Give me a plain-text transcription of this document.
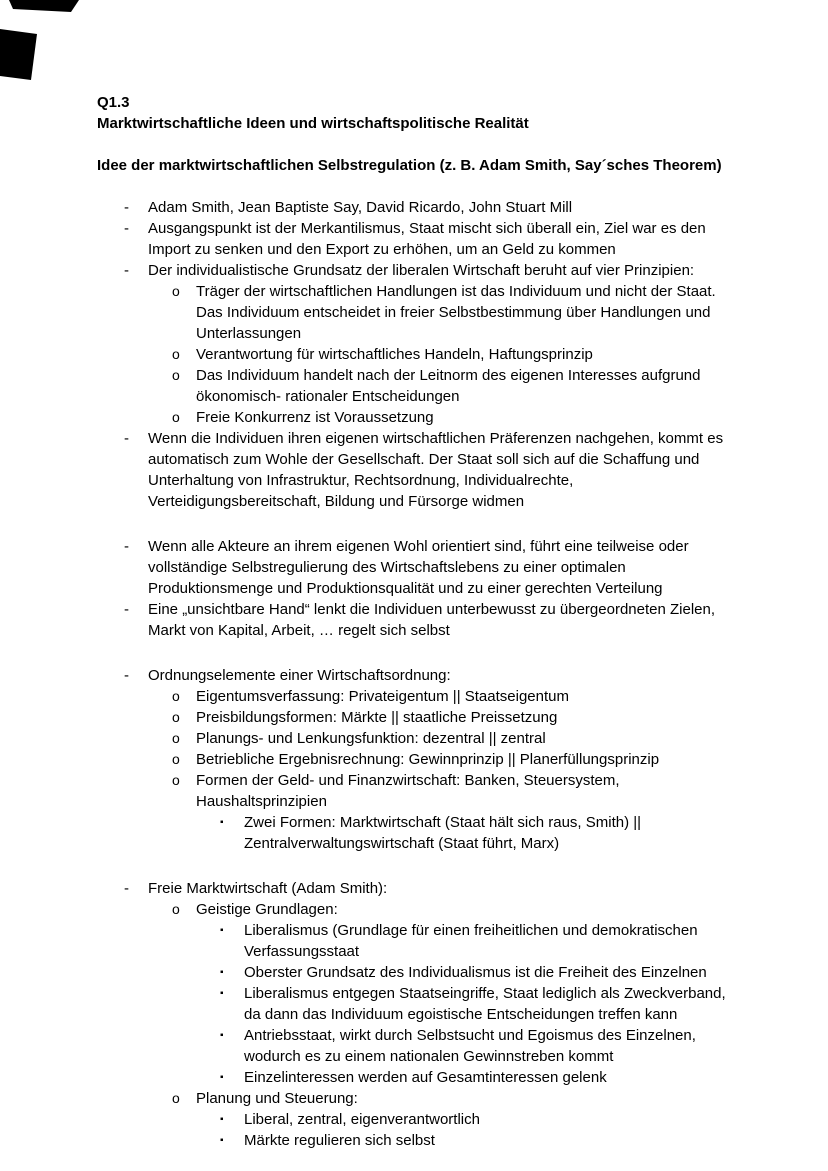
Q1.3

Marktwirtschaftliche Ideen und wirtschaftspolitische Realität

Idee der marktwirtschaftlichen Selbstregulation (z. B. Adam Smith, Say´sches Theorem)

-	Adam Smith, Jean Baptiste Say, David Ricardo, John Stuart Mill
-	Ausgangspunkt ist der Merkantilismus, Staat mischt sich überall ein, Ziel war es den Import zu senken und den Export zu erhöhen, um an Geld zu kommen
-	Der individualistische Grundsatz der liberalen Wirtschaft beruht auf vier Prinzipien:
o	Träger der wirtschaftlichen Handlungen ist das Individuum und nicht der Staat. Das Individuum entscheidet in freier Selbstbestimmung über Handlungen und Unterlassungen
o	Verantwortung für wirtschaftliches Handeln, Haftungsprinzip
o	Das Individuum handelt nach der Leitnorm des eigenen Interesses aufgrund ökonomisch- rationaler Entscheidungen
o	Freie Konkurrenz ist Voraussetzung
-	Wenn die Individuen ihren eigenen wirtschaftlichen Präferenzen nachgehen, kommt es automatisch zum Wohle der Gesellschaft. Der Staat soll sich auf die Schaffung und Unterhaltung von Infrastruktur, Rechtsordnung, Individualrechte, Verteidigungsbereitschaft, Bildung und Fürsorge widmen
-	Wenn alle Akteure an ihrem eigenen Wohl orientiert sind, führt eine teilweise oder vollständige Selbstregulierung des Wirtschaftslebens zu einer optimalen Produktionsmenge und Produktionsqualität und zu einer gerechten Verteilung
-	Eine „unsichtbare Hand“ lenkt die Individuen unterbewusst zu übergeordneten Zielen, Markt von Kapital, Arbeit, … regelt sich selbst
-	Ordnungselemente einer Wirtschaftsordnung:
o	Eigentumsverfassung: Privateigentum || Staatseigentum
o	Preisbildungsformen: Märkte || staatliche Preissetzung
o	Planungs- und Lenkungsfunktion: dezentral || zentral
o	Betriebliche Ergebnisrechnung: Gewinnprinzip || Planerfüllungsprinzip
o	Formen der Geld- und Finanzwirtschaft: Banken, Steuersystem, Haushaltsprinzipien
▪	Zwei Formen: Marktwirtschaft (Staat hält sich raus, Smith) || Zentralverwaltungswirtschaft (Staat führt, Marx)
-	Freie Marktwirtschaft (Adam Smith):
o	Geistige Grundlagen:
▪	Liberalismus (Grundlage für einen freiheitlichen und demokratischen Verfassungsstaat
▪	Oberster Grundsatz des Individualismus ist die Freiheit des Einzelnen
▪	Liberalismus entgegen Staatseingriffe, Staat lediglich als Zweckverband, da dann das Individuum egoistische Entscheidungen treffen kann
▪	Antriebsstaat, wirkt durch Selbstsucht und Egoismus des Einzelnen, wodurch es zu einem nationalen Gewinnstreben kommt
▪	Einzelinteressen werden auf Gesamtinteressen gelenk
o	Planung und Steuerung:
▪	Liberal, zentral, eigenverantwortlich
▪	Märkte regulieren sich selbst
